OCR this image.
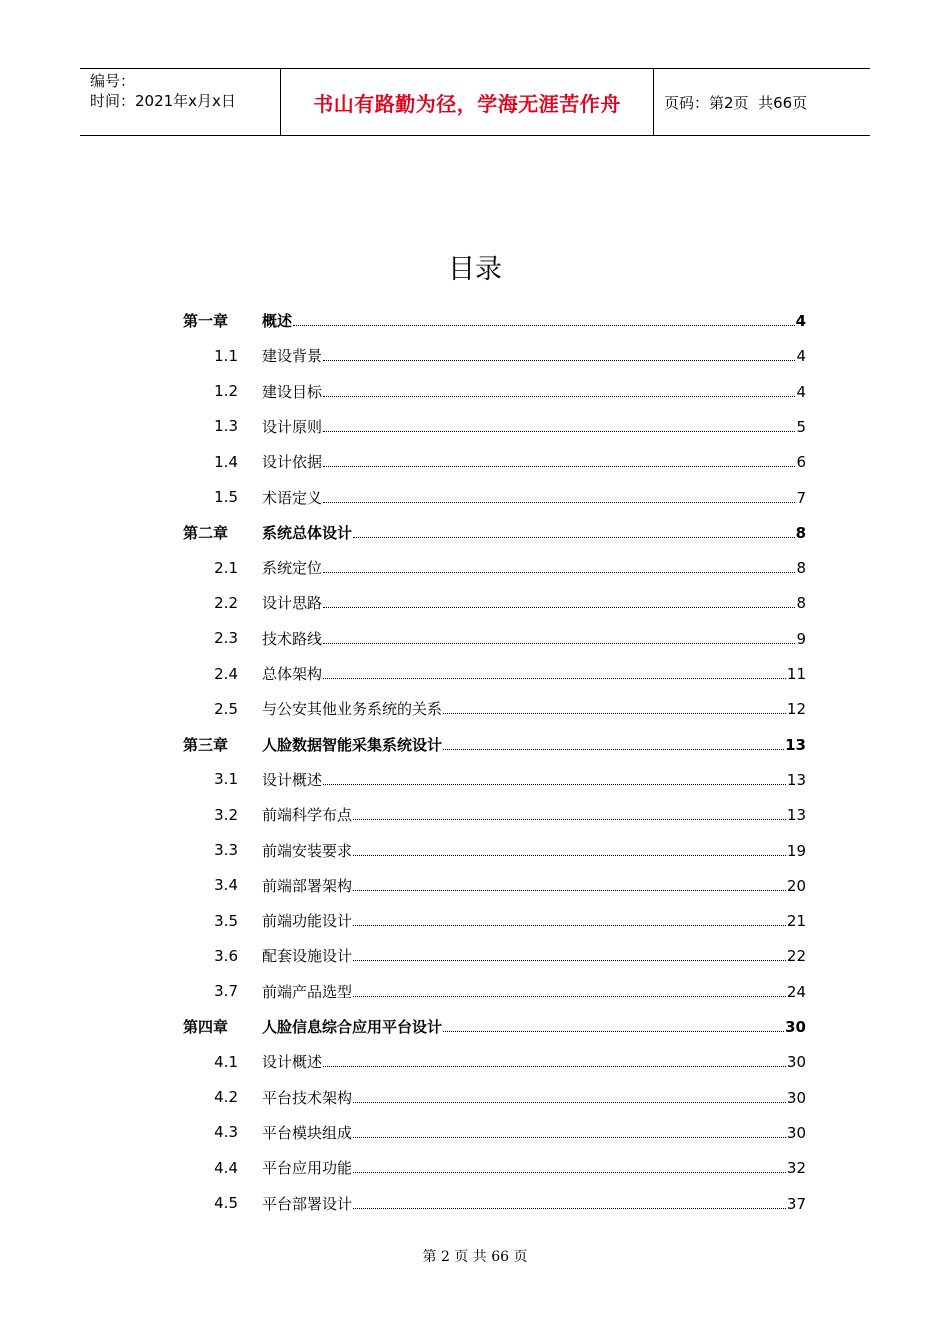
编号：
时间：2021年x月x日	书山有路勤为径，学海无涯苦作舟	页码：第2页  共66页
目录
第一章 概述	4
1.1 建设背景	4
1.2 建设目标	4
1.3 设计原则	5
1.4 设计依据	6
1.5 术语定义	7
第二章 系统总体设计	8
2.1 系统定位	8
2.2 设计思路	8
2.3 技术路线	9
2.4 总体架构	11
2.5 与公安其他业务系统的关系	12
第三章 人脸数据智能采集系统设计	13
3.1 设计概述	13
3.2 前端科学布点	13
3.3 前端安装要求	19
3.4 前端部署架构	20
3.5 前端功能设计	21
3.6 配套设施设计	22
3.7 前端产品选型	24
第四章 人脸信息综合应用平台设计	30
4.1 设计概述	30
4.2 平台技术架构	30
4.3 平台模块组成	30
4.4 平台应用功能	32
4.5 平台部署设计	37
第 2 页 共 66 页
